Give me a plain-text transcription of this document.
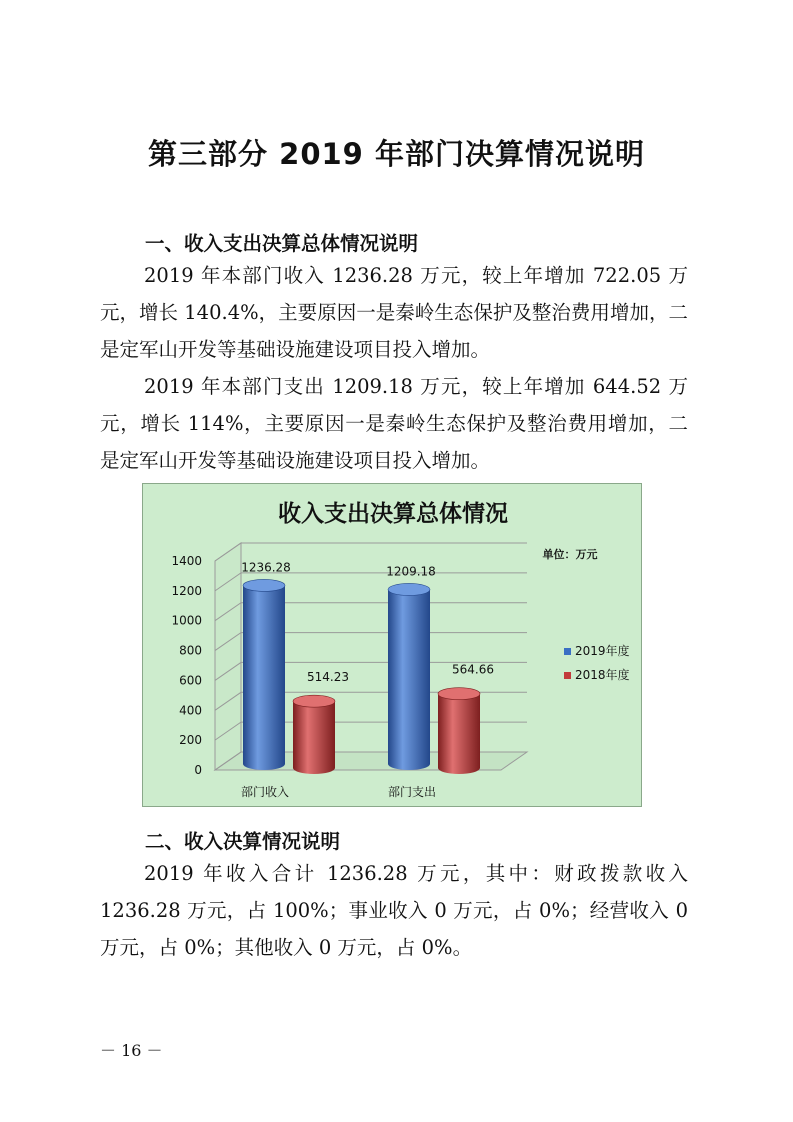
第三部分 2019 年部门决算情况说明
一、收入支出决算总体情况说明

2019 年本部门收入 1236.28 万元，较上年增加 722.05 万元，增长 140.4%，主要原因一是秦岭生态保护及整治费用增加，二是定军山开发等基础设施建设项目投入增加。

2019 年本部门支出 1209.18 万元，较上年增加 644.52 万元，增长 114%，主要原因一是秦岭生态保护及整治费用增加，二是定军山开发等基础设施建设项目投入增加。

收入支出决算总体情况
单位：万元
0
200
400
600
800
1000
1200
1400	1236.28	1209.18
514.23
564.66
部门收入	部门支出
2019年度
2018年度
二、收入决算情况说明

2019 年收入合计 1236.28 万元，其中：财政拨款收入 1236.28 万元，占 100%；事业收入 0 万元，占 0%；经营收入 0 万元，占 0%；其他收入 0 万元，占 0%。

－ 16 －
